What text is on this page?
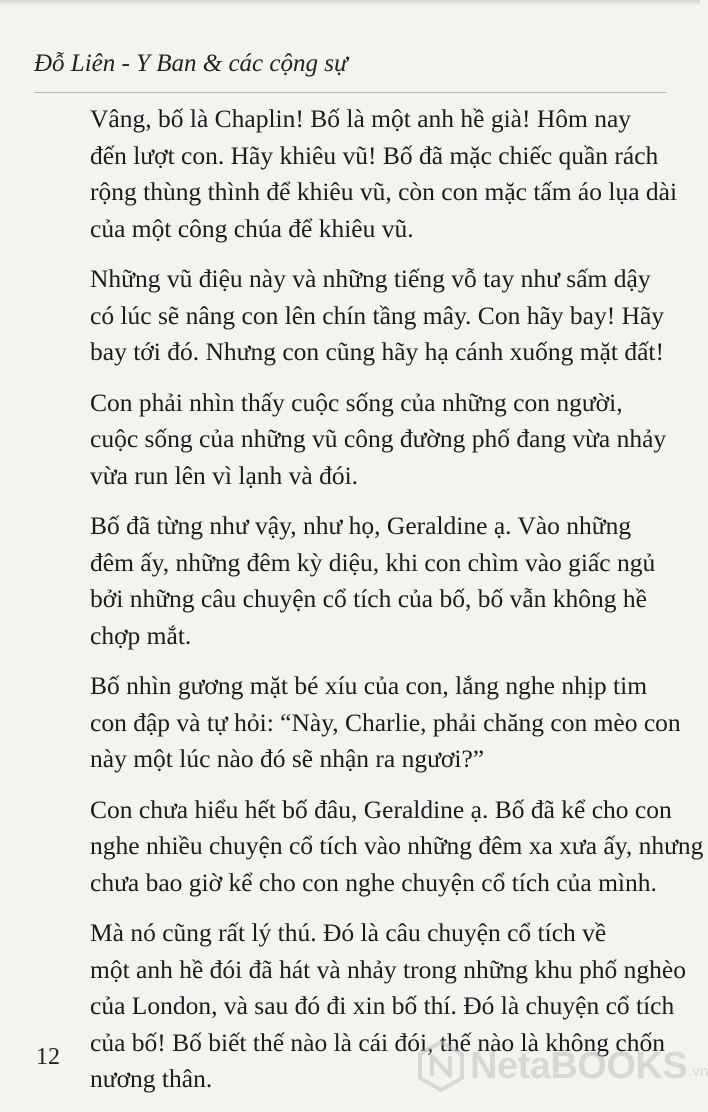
Đỗ Liên - Y Ban & các cộng sự

Vâng, bố là Chaplin! Bố là một anh hề già! Hôm nay
đến lượt con. Hãy khiêu vũ! Bố đã mặc chiếc quần rách
rộng thùng thình để khiêu vũ, còn con mặc tấm áo lụa dài
của một công chúa để khiêu vũ.

Những vũ điệu này và những tiếng vỗ tay như sấm dậy
có lúc sẽ nâng con lên chín tầng mây. Con hãy bay! Hãy
bay tới đó. Nhưng con cũng hãy hạ cánh xuống mặt đất!

Con phải nhìn thấy cuộc sống của những con người,
cuộc sống của những vũ công đường phố đang vừa nhảy
vừa run lên vì lạnh và đói.

Bố đã từng như vậy, như họ, Geraldine ạ. Vào những
đêm ấy, những đêm kỳ diệu, khi con chìm vào giấc ngủ
bởi những câu chuyện cổ tích của bố, bố vẫn không hề
chợp mắt.

Bố nhìn gương mặt bé xíu của con, lắng nghe nhịp tim
con đập và tự hỏi: “Này, Charlie, phải chăng con mèo con
này một lúc nào đó sẽ nhận ra ngươi?”

Con chưa hiểu hết bố đâu, Geraldine ạ. Bố đã kể cho con
nghe nhiều chuyện cổ tích vào những đêm xa xưa ấy, nhưng
chưa bao giờ kể cho con nghe chuyện cổ tích của mình.

Mà nó cũng rất lý thú. Đó là câu chuyện cổ tích về
một anh hề đói đã hát và nhảy trong những khu phố nghèo
của London, và sau đó đi xin bố thí. Đó là chuyện cổ tích
của bố! Bố biết thế nào là cái đói, thế nào là không chốn
nương thân.

12	NetaBOOKS .vn
